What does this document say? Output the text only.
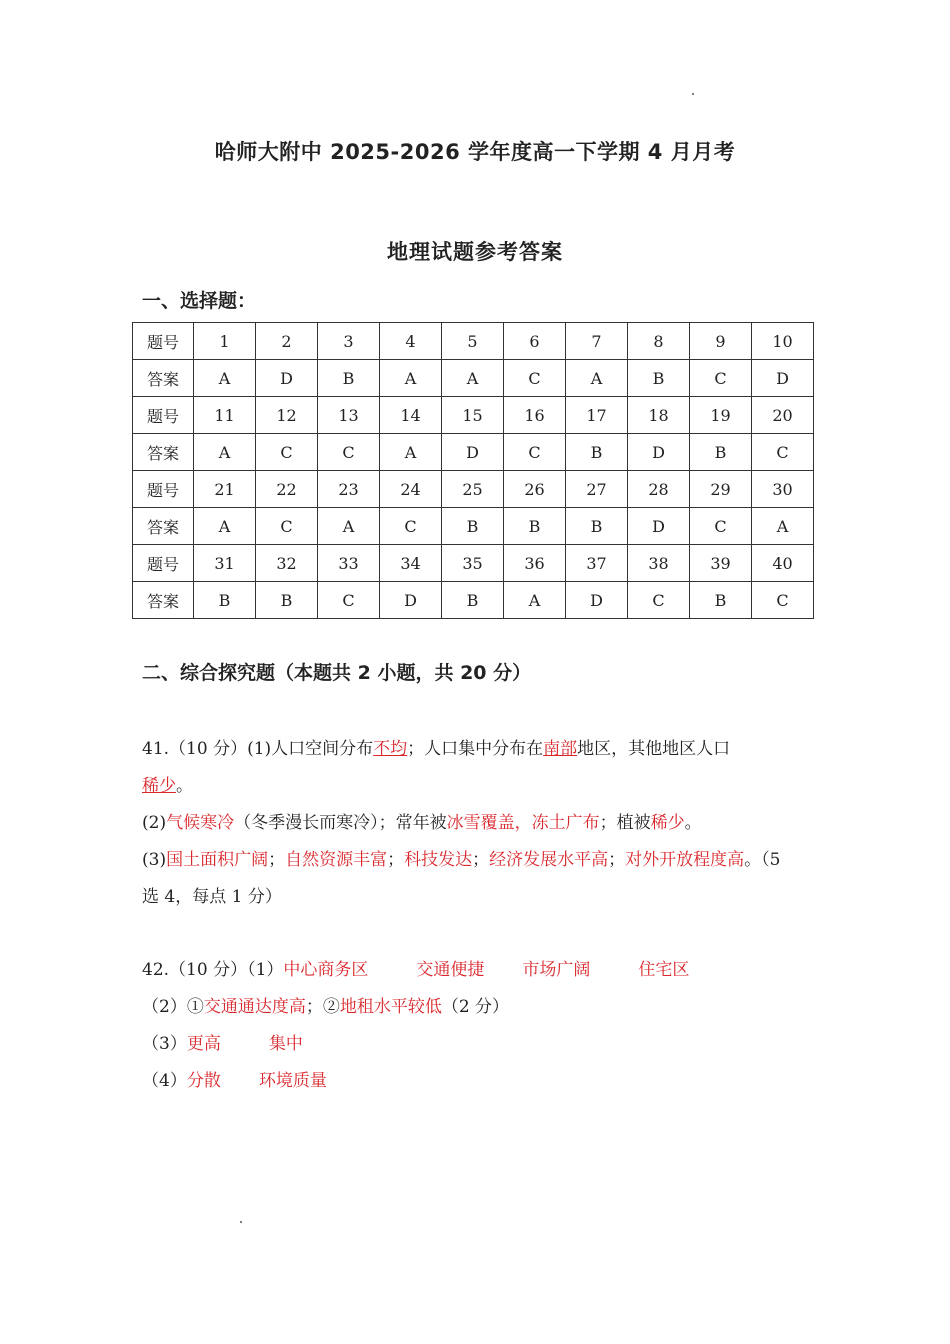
哈师大附中 2025-2026 学年度高一下学期 4 月月考
地理试题参考答案
一、选择题：
题号	1	2	3	4	5	6	7	8	9	10
答案	A	D	B	A	A	C	A	B	C	D
题号	11	12	13	14	15	16	17	18	19	20
答案	A	C	C	A	D	C	B	D	B	C
题号	21	22	23	24	25	26	27	28	29	30
答案	A	C	A	C	B	B	B	D	C	A
题号	31	32	33	34	35	36	37	38	39	40
答案	B	B	C	D	B	A	D	C	B	C
二、综合探究题（本题共 2 小题，共 20 分）
41.（10 分）(1)人口空间分布不均；人口集中分布在南部地区，其他地区人口
稀少。
(2)气候寒冷（冬季漫长而寒冷）；常年被冰雪覆盖，冻土广布；植被稀少。
(3)国土面积广阔；自然资源丰富；科技发达；经济发展水平高；对外开放程度高。（5 选 4，每点 1 分）
42.（10 分）（1）中心商务区	交通便捷 市场广阔	住宅区
（2）①交通通达度高；②地租水平较低（2 分）
（3）更高	集中
（4）分散 环境质量
